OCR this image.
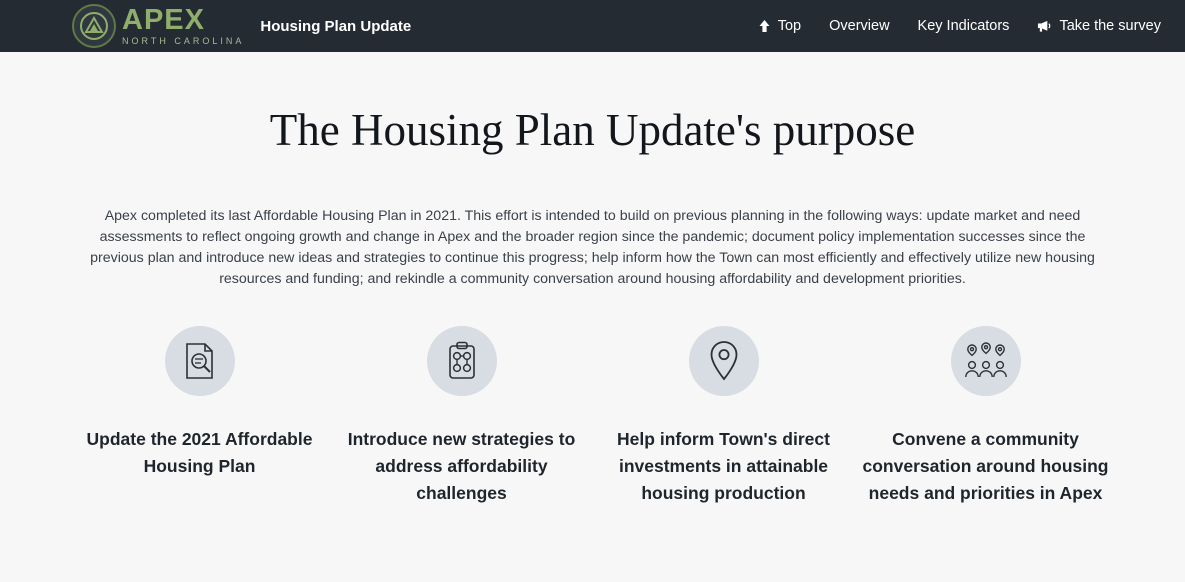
APEX
NORTH CAROLINA
Housing Plan Update	Top Overview Key Indicators	Take the survey
The Housing Plan Update's purpose

Apex completed its last Affordable Housing Plan in 2021. This effort is intended to build on previous planning in the following ways: update market and need assessments to reflect ongoing growth and change in Apex and the broader region since the pandemic; document policy implementation successes since the previous plan and introduce new ideas and strategies to continue this progress; help inform how the Town can most efficiently and effectively utilize new housing resources and funding; and rekindle a community conversation around housing affordability and development priorities.

Update the 2021 Affordable Housing Plan
Introduce new strategies to address affordability challenges
Help inform Town's direct investments in attainable housing production
Convene a community conversation around housing needs and priorities in Apex
